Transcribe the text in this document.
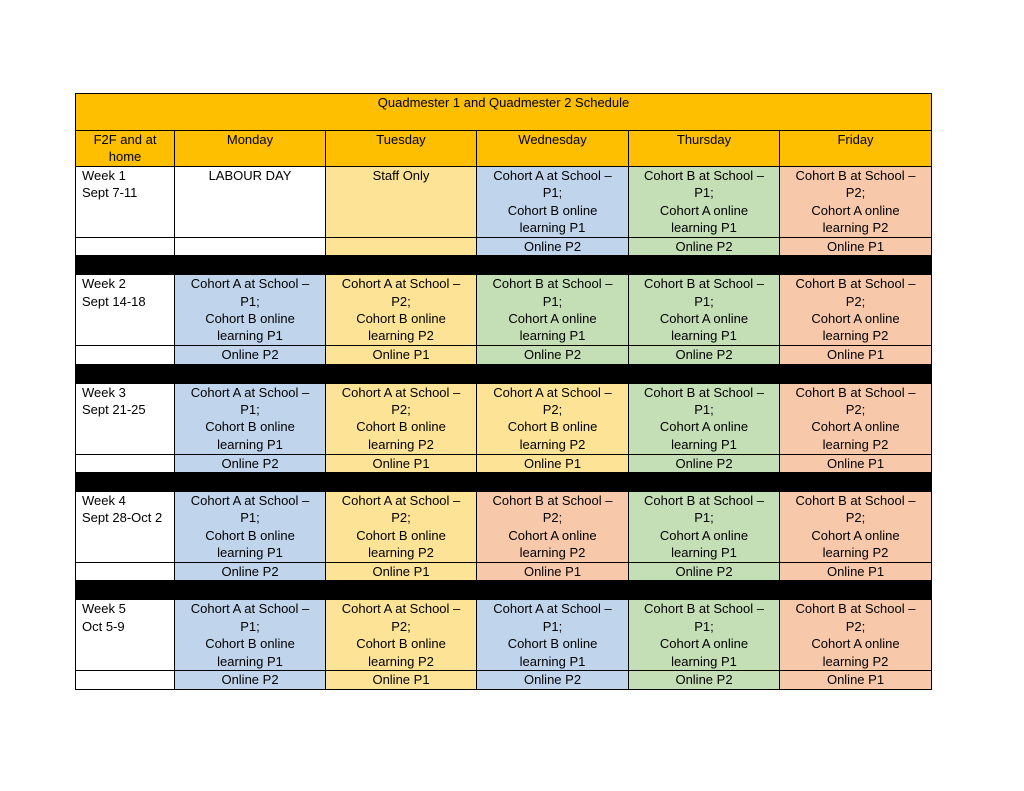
Quadmester 1 and Quadmester 2 Schedule					
F2F and at home	Monday	Tuesday	Wednesday	Thursday	Friday

Week 1
Sept 7-11	LABOUR DAY	Staff Only	Cohort A at School –
P1;
Cohort B online
learning P1	Cohort B at School –
P1;
Cohort A online
learning P1	Cohort B at School –
P2;
Cohort A online
learning P2

			Online P2	Online P2	Online P1

Week 2
Sept 14-18	Cohort A at School –
P1;
Cohort B online
learning P1	Cohort A at School –
P2;
Cohort B online
learning P2	Cohort B at School –
P1;
Cohort A online
learning P1	Cohort B at School –
P1;
Cohort A online
learning P1	Cohort B at School –
P2;
Cohort A online
learning P2

	Online P2	Online P1	Online P2	Online P2	Online P1

Week 3
Sept 21-25	Cohort A at School –
P1;
Cohort B online
learning P1	Cohort A at School –
P2;
Cohort B online
learning P2	Cohort A at School –
P2;
Cohort B online
learning P2	Cohort B at School –
P1;
Cohort A online
learning P1	Cohort B at School –
P2;
Cohort A online
learning P2

	Online P2	Online P1	Online P1	Online P2	Online P1

Week 4
Sept 28-Oct 2	Cohort A at School –
P1;
Cohort B online
learning P1	Cohort A at School –
P2;
Cohort B online
learning P2	Cohort B at School –
P2;
Cohort A online
learning P2	Cohort B at School –
P1;
Cohort A online
learning P1	Cohort B at School –
P2;
Cohort A online
learning P2

	Online P2	Online P1	Online P1	Online P2	Online P1

Week 5
Oct 5-9	Cohort A at School –
P1;
Cohort B online
learning P1	Cohort A at School –
P2;
Cohort B online
learning P2	Cohort A at School –
P1;
Cohort B online
learning P1	Cohort B at School –
P1;
Cohort A online
learning P1	Cohort B at School –
P2;
Cohort A online
learning P2

	Online P2	Online P1	Online P2	Online P2	Online P1
